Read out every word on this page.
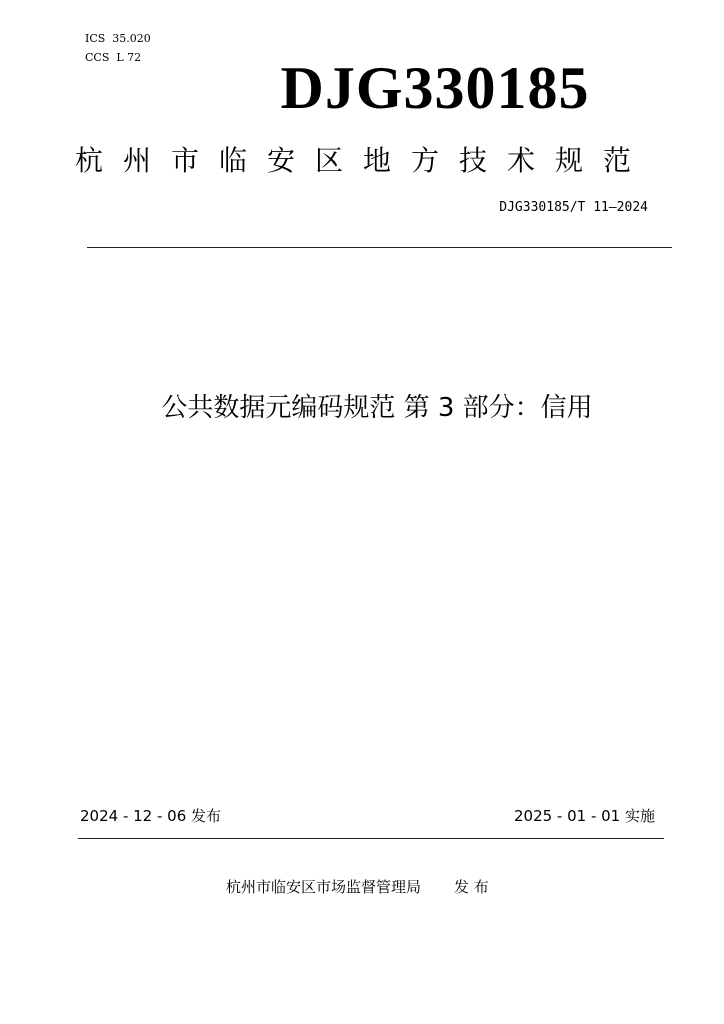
ICS  35.020
CCS  L 72	DJG330185
杭州市临安区地方技术规范
DJG330185/T 11—2024
公共数据元编码规范 第 3 部分：信用
2024 - 12 - 06 发布	2025 - 01 - 01 实施
杭州市临安区市场监督管理局 发 布
